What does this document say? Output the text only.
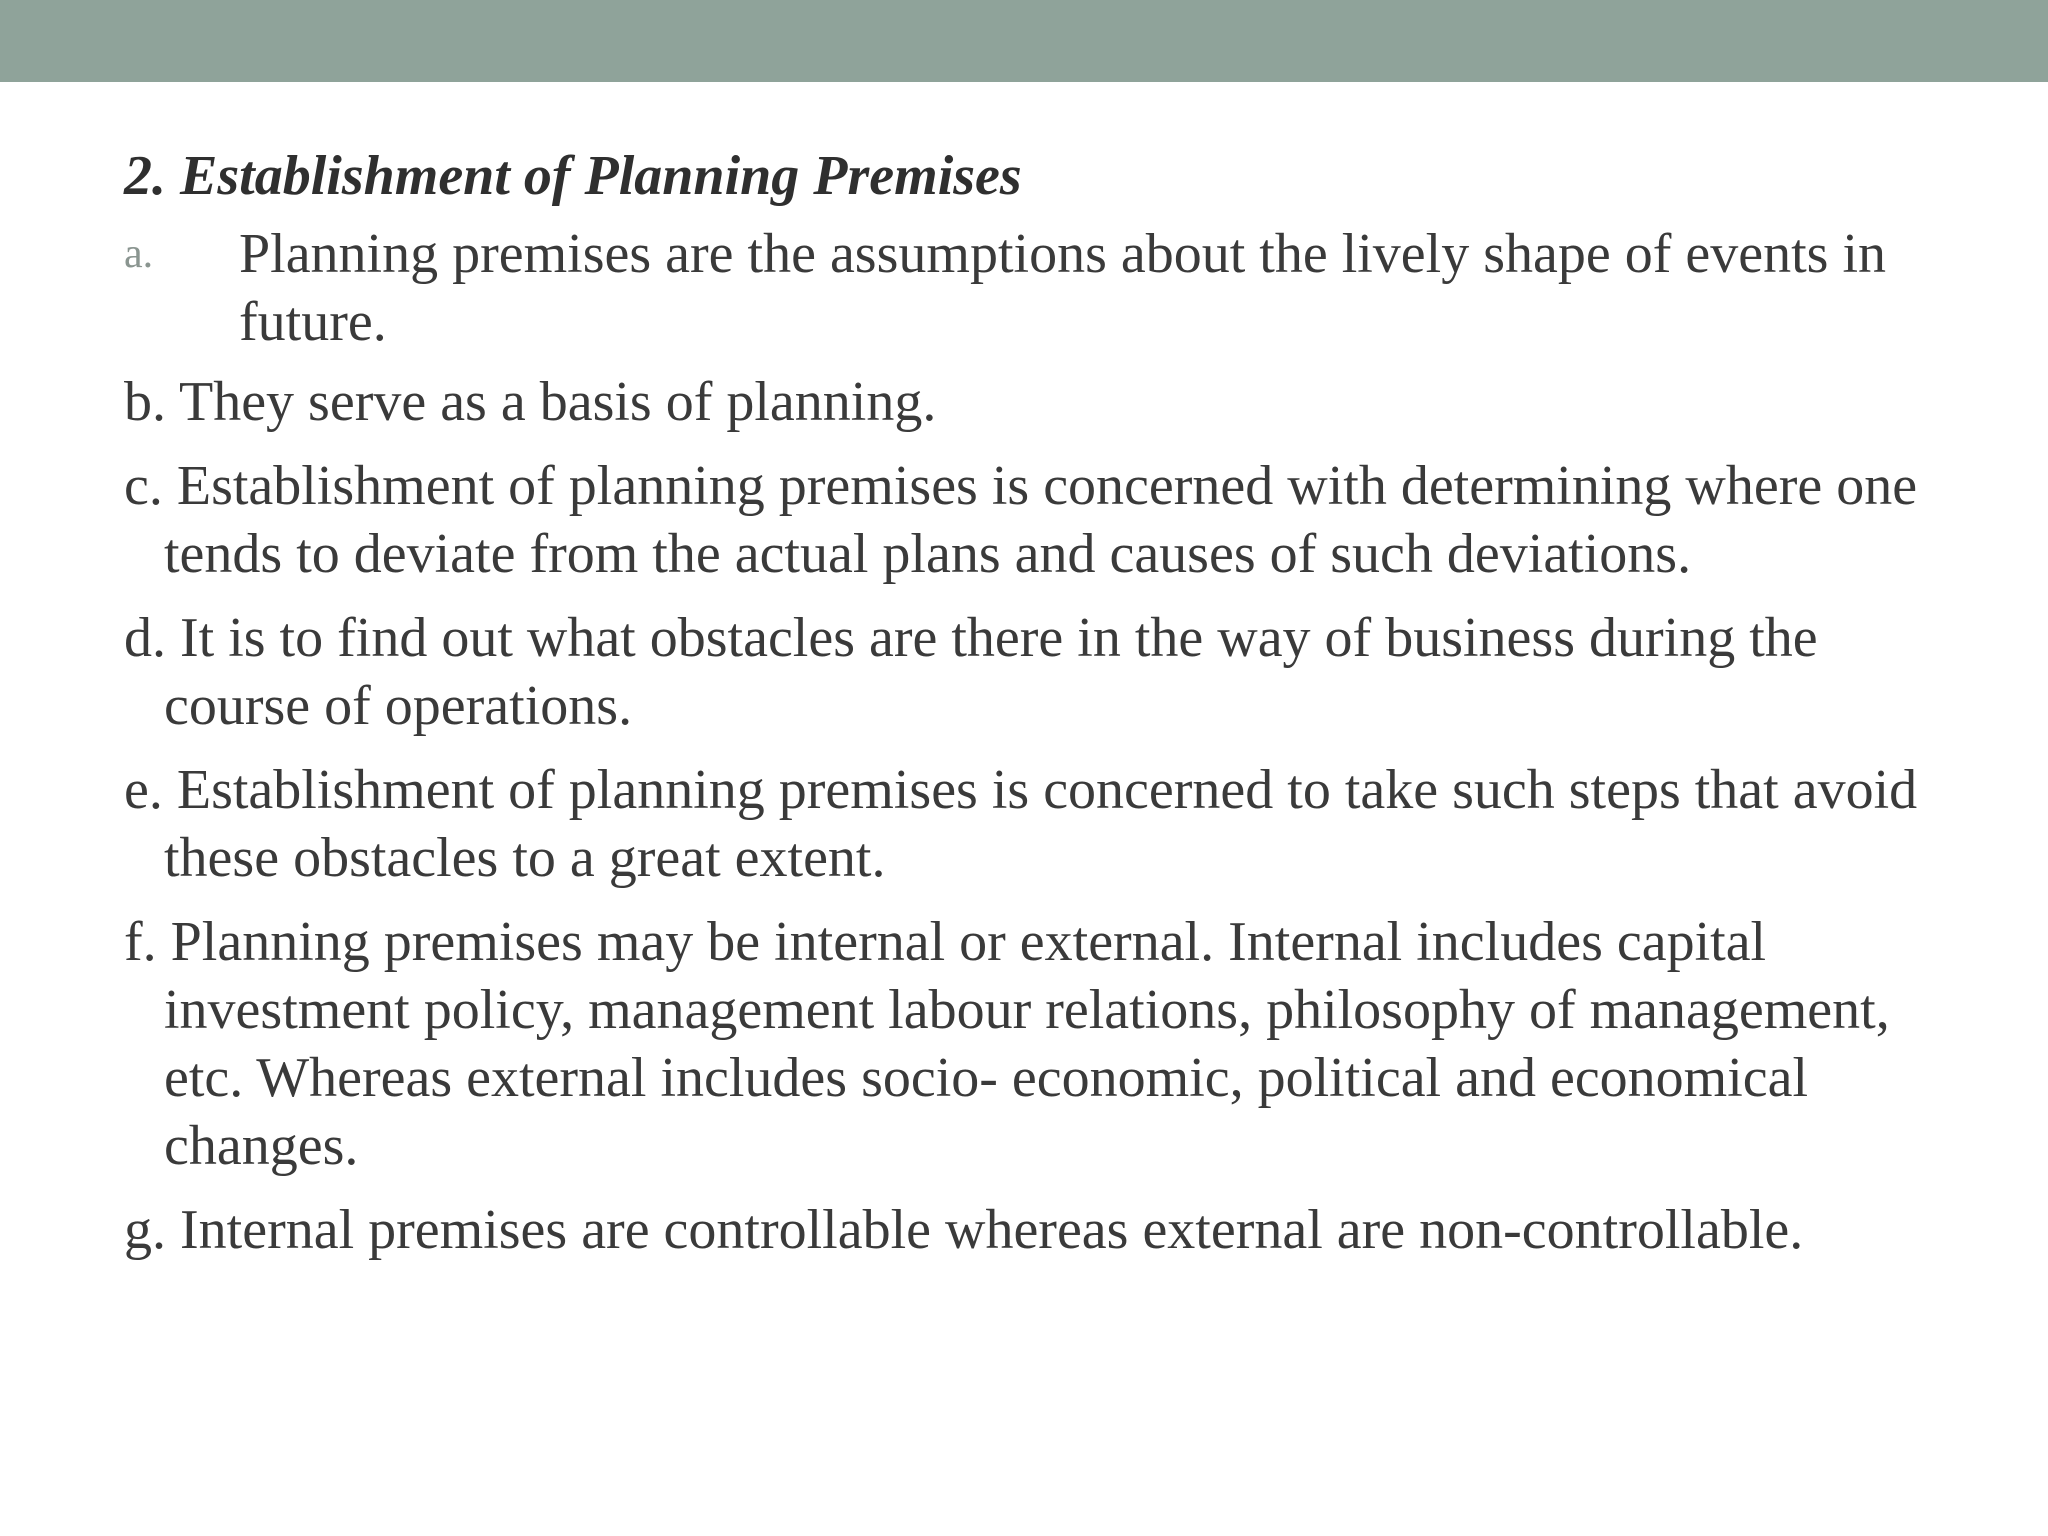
2. Establishment of Planning Premises
a. Planning premises are the assumptions about the lively shape of events in future.
b. They serve as a basis of planning.
c. Establishment of planning premises is concerned with determining where one tends to deviate from the actual plans and causes of such deviations.
d. It is to find out what obstacles are there in the way of business during the course of operations.
e. Establishment of planning premises is concerned to take such steps that avoid these obstacles to a great extent.
f. Planning premises may be internal or external. Internal includes capital investment policy, management labour relations, philosophy of management, etc. Whereas external includes socio- economic, political and economical changes.
g. Internal premises are controllable whereas external are non-controllable.
